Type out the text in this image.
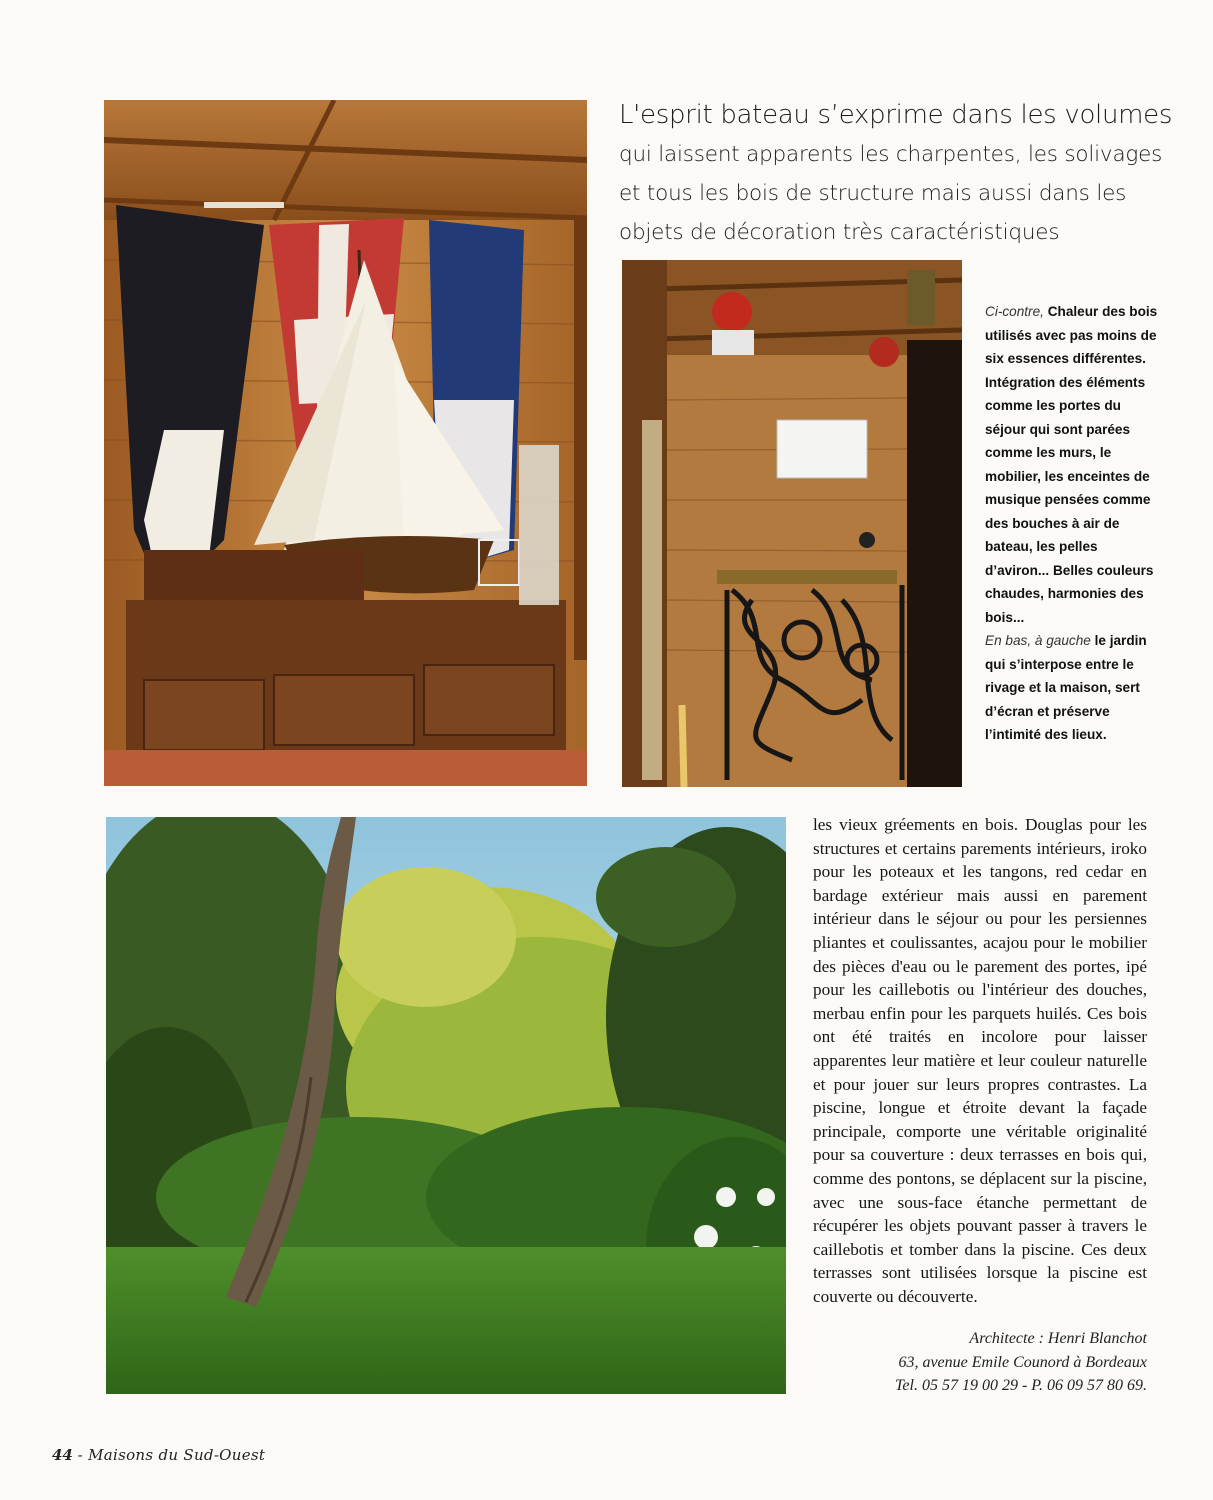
L'esprit bateau s’exprime dans les volumes
qui laissent apparents les charpentes, les solivages
et tous les bois de structure mais aussi dans les
objets de décoration très caractéristiques
Ci-contre, Chaleur des bois utilisés avec pas moins de six essences différentes. Intégration des éléments comme les portes du séjour qui sont parées comme les murs, le mobilier, les enceintes de musique pensées comme des bouches à air de bateau, les pelles d’aviron... Belles couleurs chaudes, harmonies des bois...
En bas, à gauche le jardin qui s’interpose entre le rivage et la maison, sert d’écran et préserve l’intimité des lieux.

les vieux gréements en bois. Douglas pour les structures et certains parements intérieurs, iroko pour les poteaux et les tangons, red cedar en bardage extérieur mais aussi en parement intérieur dans le séjour ou pour les persiennes pliantes et coulissantes, acajou pour le mobilier des pièces d'eau ou le parement des portes, ipé pour les caillebotis ou l'intérieur des douches, merbau enfin pour les parquets huilés. Ces bois ont été traités en incolore pour laisser apparentes leur matière et leur couleur naturelle et pour jouer sur leurs propres contrastes. La piscine, longue et étroite devant la façade principale, comporte une véritable originalité pour sa couverture : deux terrasses en bois qui, comme des pontons, se déplacent sur la piscine, avec une sous-face étanche permettant de récupérer les objets pouvant passer à travers le caillebotis et tomber dans la piscine. Ces deux terrasses sont utilisées lorsque la piscine est couverte ou découverte.

Architecte : Henri Blanchot
63, avenue Emile Counord à Bordeaux
Tel. 05 57 19 00 29 - P. 06 09 57 80 69.
44 - Maisons du Sud-Ouest
